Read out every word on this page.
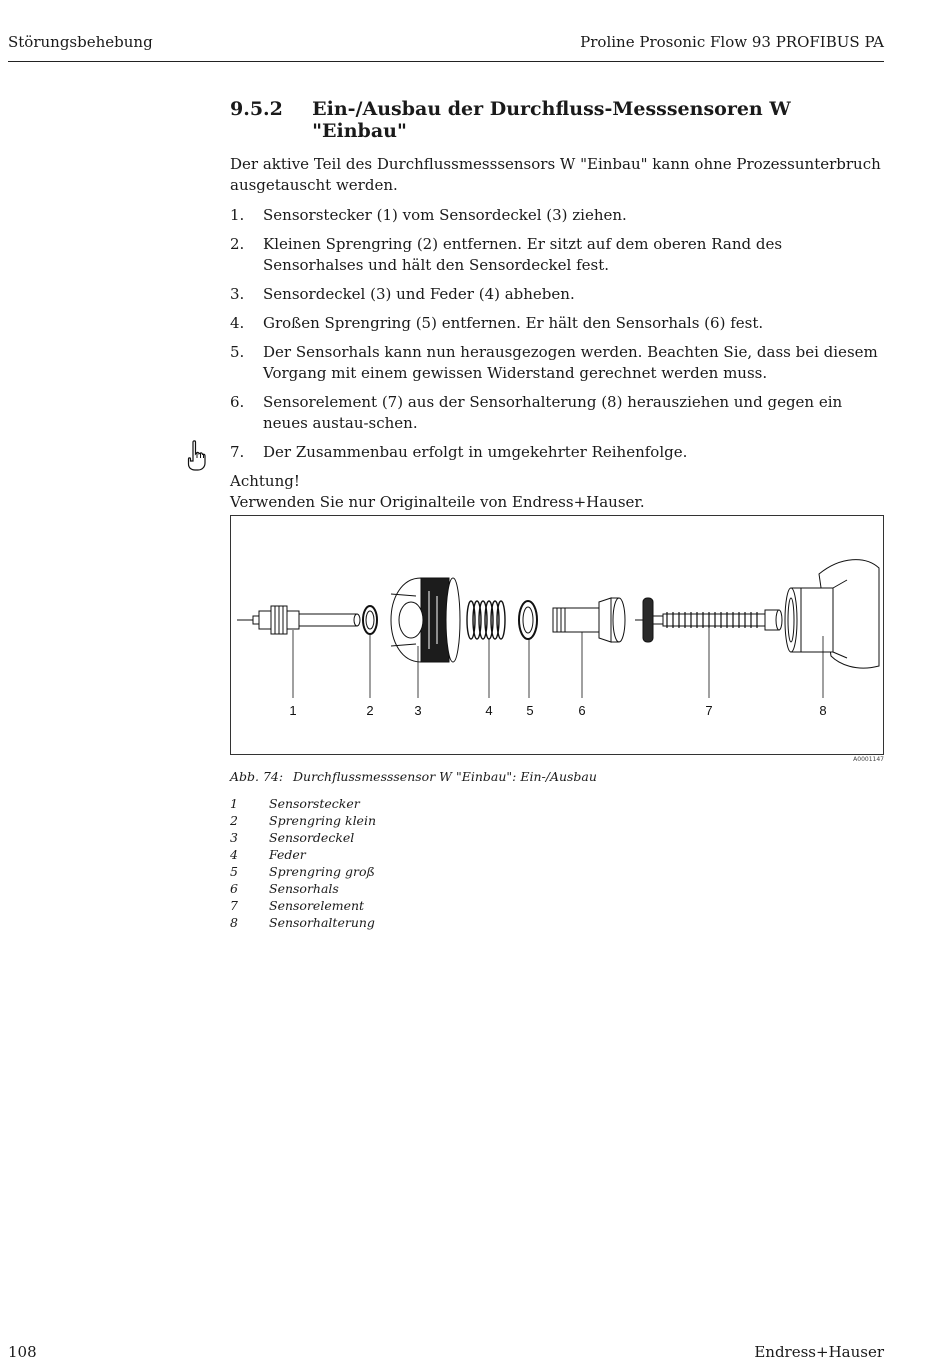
Störungsbehebung	Proline Prosonic Flow 93 PROFIBUS PA
9.5.2	Ein-/Ausbau der Durchfluss-Messsensoren W "Einbau"

Der aktive Teil des Durchflussmesssensors W "Einbau" kann ohne Prozessunterbruch ausgetauscht werden.

1. Sensorstecker (1) vom Sensordeckel (3) ziehen.
2. Kleinen Sprengring (2) entfernen. Er sitzt auf dem oberen Rand des Sensorhalses und hält den Sensordeckel fest.
3. Sensordeckel (3) und Feder (4) abheben.
4. Großen Sprengring (5) entfernen. Er hält den Sensorhals (6) fest.
5. Der Sensorhals kann nun herausgezogen werden. Beachten Sie, dass bei diesem Vorgang mit einem gewissen Widerstand gerechnet werden muss.
6. Sensorelement (7) aus der Sensorhalterung (8) herausziehen und gegen ein neues austau-schen.
7. Der Zusammenbau erfolgt in umgekehrter Reihenfolge.
Achtung!
Verwenden Sie nur Originalteile von Endress+Hauser.
1	2	3	4	5	6	7	8
A0001147
Abb. 74: Durchflussmesssensor W "Einbau": Ein-/Ausbau
1	Sensorstecker
2	Sprengring klein
3	Sensordeckel
4	Feder
5	Sprengring groß
6	Sensorhals
7	Sensorelement
8	Sensorhalterung
108	Endress+Hauser
